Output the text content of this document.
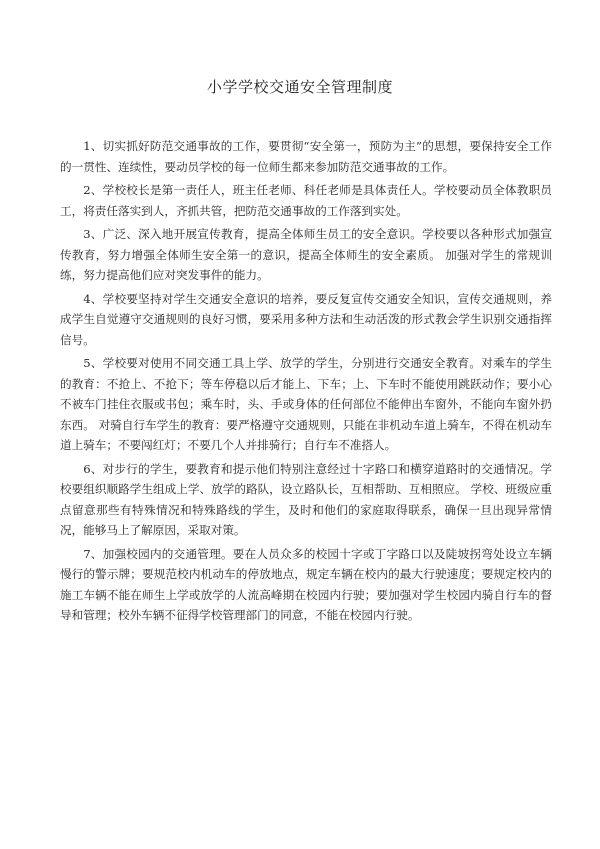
小学学校交通安全管理制度

1、切实抓好防范交通事故的工作，要贯彻“安全第一，预防为主”的思想，要保持安全工作的一贯性、连续性，要动员学校的每一位师生都来参加防范交通事故的工作。

2、学校校长是第一责任人，班主任老师、科任老师是具体责任人。学校要动员全体教职员工，将责任落实到人，齐抓共管，把防范交通事故的工作落到实处。

3、广泛、深入地开展宣传教育，提高全体师生员工的安全意识。学校要以各种形式加强宣传教育，努力增强全体师生安全第一的意识，提高全体师生的安全素质。 加强对学生的常规训练，努力提高他们应对突发事件的能力。

4、学校要坚持对学生交通安全意识的培养，要反复宣传交通安全知识，宣传交通规则，养成学生自觉遵守交通规则的良好习惯，要采用多种方法和生动活泼的形式教会学生识别交通指挥信号。

5、学校要对使用不同交通工具上学、放学的学生，分别进行交通安全教育。对乘车的学生的教育：不抢上、不抢下；等车停稳以后才能上、下车；上、下车时不能使用跳跃动作；要小心不被车门挂住衣服或书包；乘车时，头、手或身体的任何部位不能伸出车窗外，不能向车窗外扔东西。 对骑自行车学生的教育：要严格遵守交通规则，只能在非机动车道上骑车，不得在机动车道上骑车；不要闯红灯；不要几个人并排骑行；自行车不准搭人。

6、对步行的学生，要教育和提示他们特别注意经过十字路口和横穿道路时的交通情况。学校要组织顺路学生组成上学、放学的路队，设立路队长，互相帮助、互相照应。 学校、班级应重点留意那些有特殊情况和特殊路线的学生，及时和他们的家庭取得联系，确保一旦出现异常情况，能够马上了解原因，采取对策。

7、加强校园内的交通管理。要在人员众多的校园十字或丁字路口以及陡坡拐弯处设立车辆慢行的警示牌；要规范校内机动车的停放地点，规定车辆在校内的最大行驶速度；要规定校内的施工车辆不能在师生上学或放学的人流高峰期在校园内行驶；要加强对学生校园内骑自行车的督导和管理；校外车辆不征得学校管理部门的同意，不能在校园内行驶。
